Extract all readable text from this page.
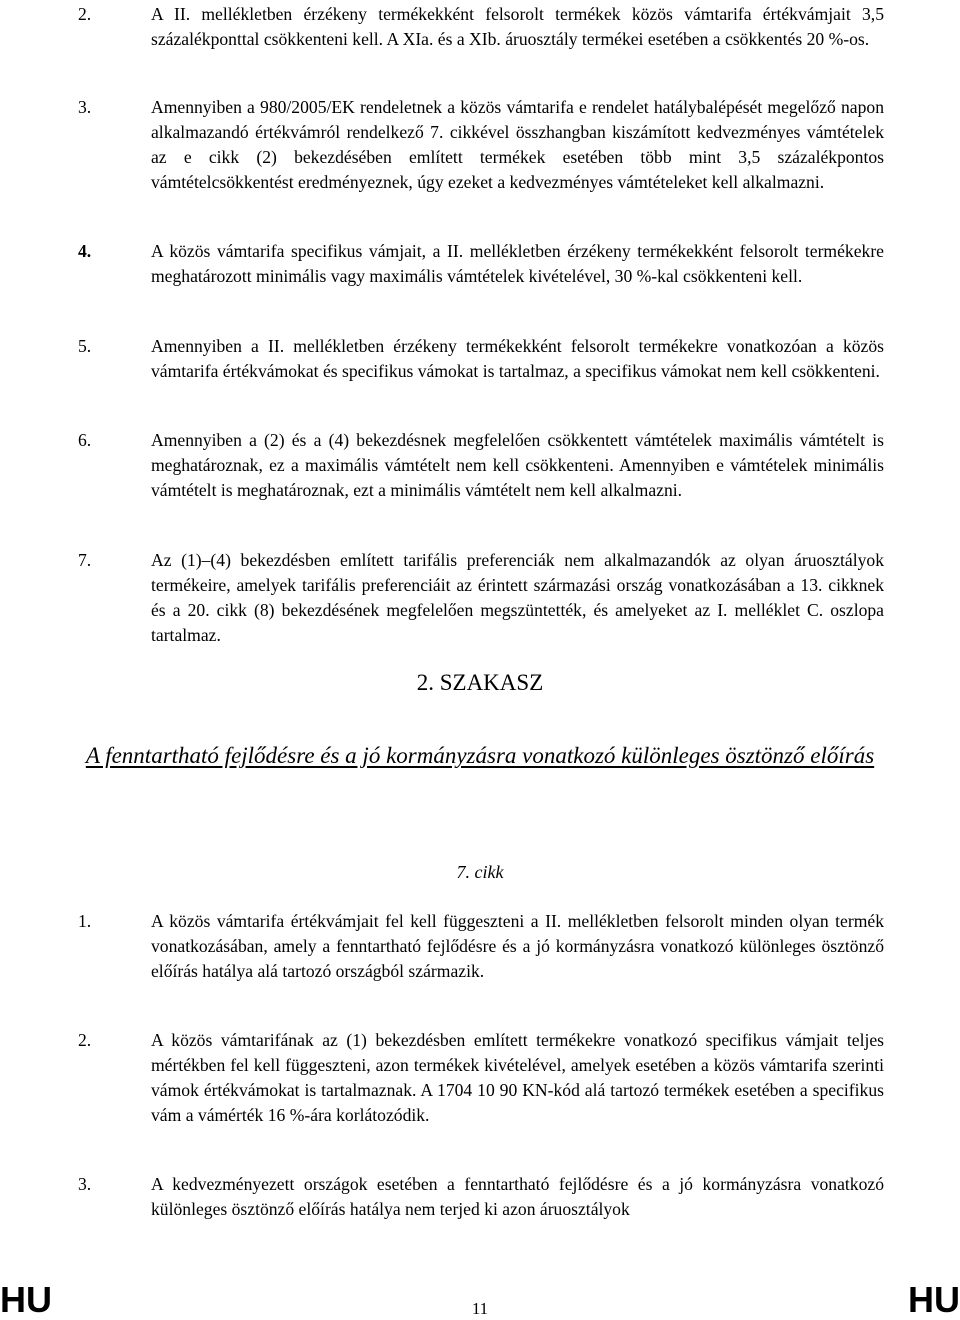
2.	A II. mellékletben érzékeny termékekként felsorolt termékek közös vámtarifa értékvámjait 3,5 százalékponttal csökkenteni kell. A XIa. és a XIb. áruosztály termékei esetében a csökkentés 20 %-os.
3.	Amennyiben a 980/2005/EK rendeletnek a közös vámtarifa e rendelet hatálybalépését megelőző napon alkalmazandó értékvámról rendelkező 7. cikkével összhangban kiszámított kedvezményes vámtételek az e cikk (2) bekezdésében említett termékek esetében több mint 3,5 százalékpontos vámtételcsökkentést eredményeznek, úgy ezeket a kedvezményes vámtételeket kell alkalmazni.
4.	A közös vámtarifa specifikus vámjait, a II. mellékletben érzékeny termékekként felsorolt termékekre meghatározott minimális vagy maximális vámtételek kivételével, 30 %-kal csökkenteni kell.
5.	Amennyiben a II. mellékletben érzékeny termékekként felsorolt termékekre vonatkozóan a közös vámtarifa értékvámokat és specifikus vámokat is tartalmaz, a specifikus vámokat nem kell csökkenteni.
6.	Amennyiben a (2) és a (4) bekezdésnek megfelelően csökkentett vámtételek maximális vámtételt is meghatároznak, ez a maximális vámtételt nem kell csökkenteni. Amennyiben e vámtételek minimális vámtételt is meghatároznak, ezt a minimális vámtételt nem kell alkalmazni.
7.	Az (1)–(4) bekezdésben említett tarifális preferenciák nem alkalmazandók az olyan áruosztályok termékeire, amelyek tarifális preferenciáit az érintett származási ország vonatkozásában a 13. cikknek és a 20. cikk (8) bekezdésének megfelelően megszüntették, és amelyeket az I. melléklet C. oszlopa tartalmaz.
2. SZAKASZ
A fenntartható fejlődésre és a jó kormányzásra vonatkozó különleges ösztönző előírás
7. cikk
1.	A közös vámtarifa értékvámjait fel kell függeszteni a II. mellékletben felsorolt minden olyan termék vonatkozásában, amely a fenntartható fejlődésre és a jó kormányzásra vonatkozó különleges ösztönző előírás hatálya alá tartozó országból származik.
2.	A közös vámtarifának az (1) bekezdésben említett termékekre vonatkozó specifikus vámjait teljes mértékben fel kell függeszteni, azon termékek kivételével, amelyek esetében a közös vámtarifa szerinti vámok értékvámokat is tartalmaznak. A 1704 10 90 KN-kód alá tartozó termékek esetében a specifikus vám a vámérték 16 %-ára korlátozódik.
3.	A kedvezményezett országok esetében a fenntartható fejlődésre és a jó kormányzásra vonatkozó különleges ösztönző előírás hatálya nem terjed ki azon áruosztályok
HU	11	HU
